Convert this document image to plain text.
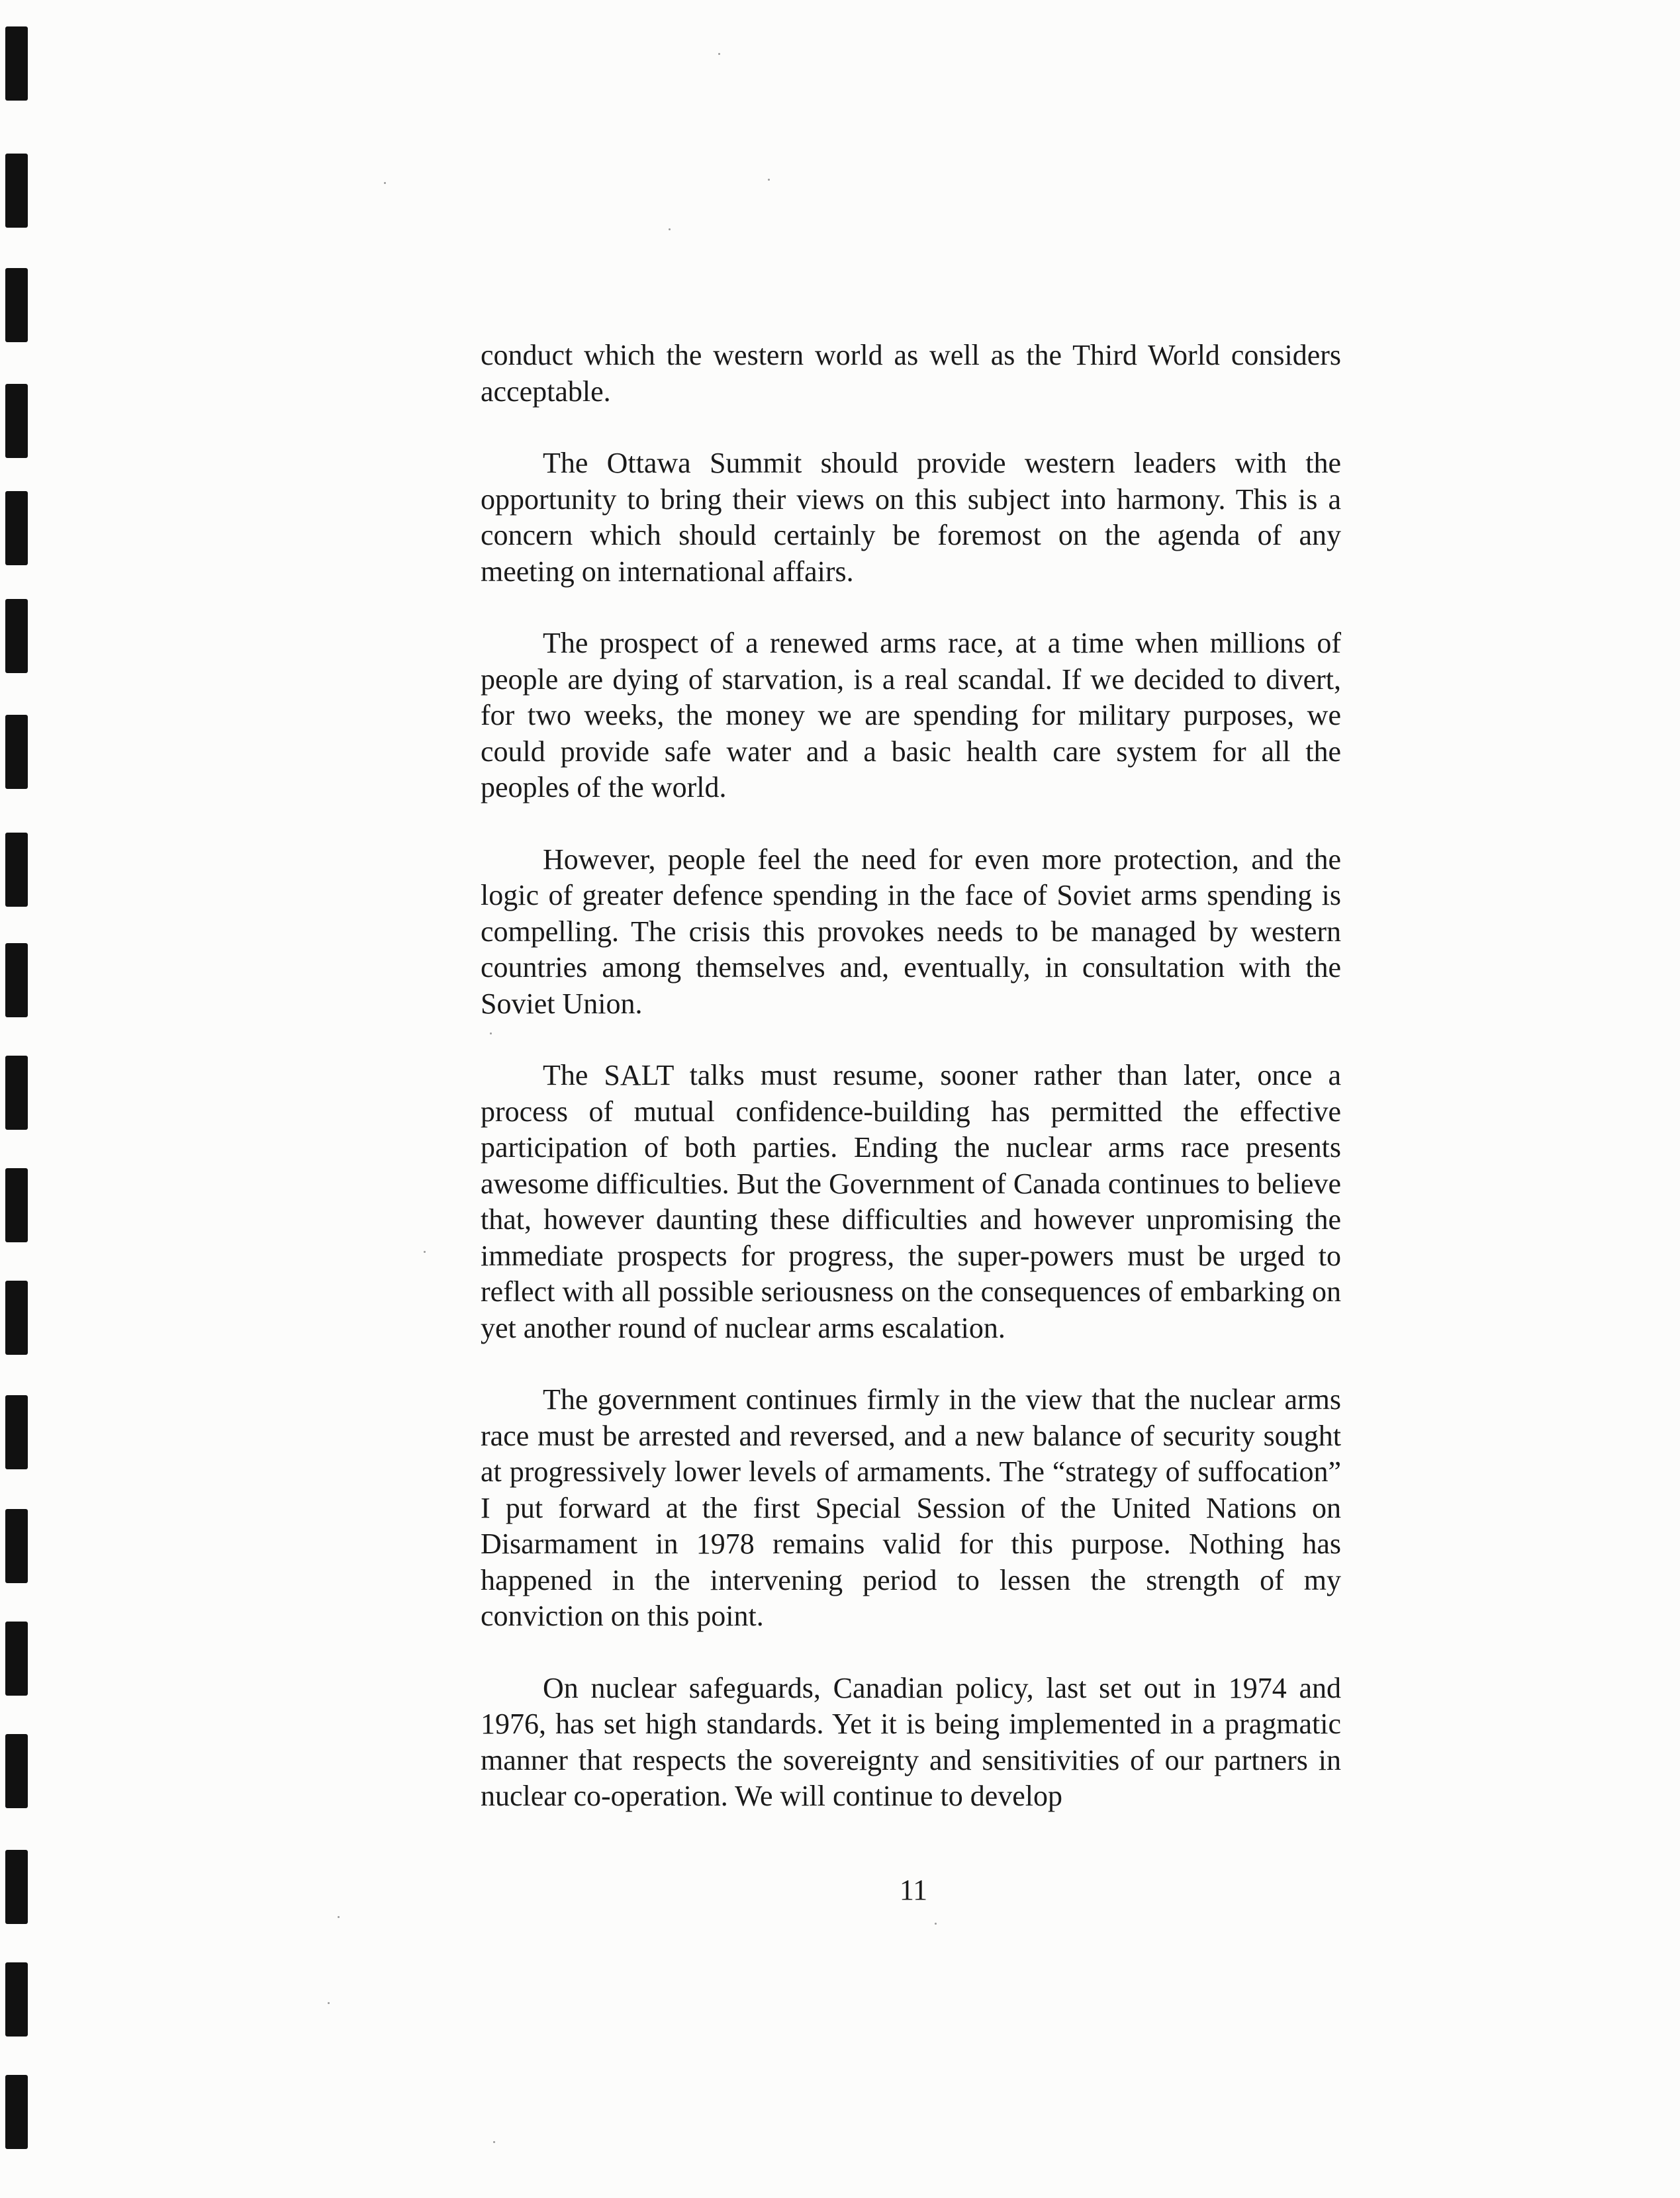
conduct which the western world as well as the Third World considers acceptable.

The Ottawa Summit should provide western leaders with the opportunity to bring their views on this subject into harmony. This is a concern which should certainly be foremost on the agenda of any meeting on international affairs.

The prospect of a renewed arms race, at a time when millions of people are dying of starvation, is a real scandal. If we decided to divert, for two weeks, the money we are spending for military purposes, we could provide safe water and a basic health care system for all the peoples of the world.

However, people feel the need for even more protection, and the logic of greater defence spending in the face of Soviet arms spending is compelling. The crisis this provokes needs to be managed by western countries among themselves and, eventually, in consultation with the Soviet Union.

The SALT talks must resume, sooner rather than later, once a process of mutual confidence-building has permitted the effective participation of both parties. Ending the nuclear arms race presents awesome difficulties. But the Government of Canada continues to believe that, however daunting these difficulties and however unpromising the immediate prospects for progress, the super-powers must be urged to reflect with all possible seriousness on the consequences of embarking on yet another round of nuclear arms escalation.

The government continues firmly in the view that the nuclear arms race must be arrested and reversed, and a new balance of security sought at progressively lower levels of armaments. The “strategy of suffocation” I put forward at the first Special Session of the United Nations on Disarmament in 1978 remains valid for this purpose. Nothing has happened in the intervening period to lessen the strength of my conviction on this point.

On nuclear safeguards, Canadian policy, last set out in 1974 and 1976, has set high standards. Yet it is being implemented in a pragmatic manner that respects the sovereignty and sensitivities of our partners in nuclear co-operation. We will continue to develop

11
